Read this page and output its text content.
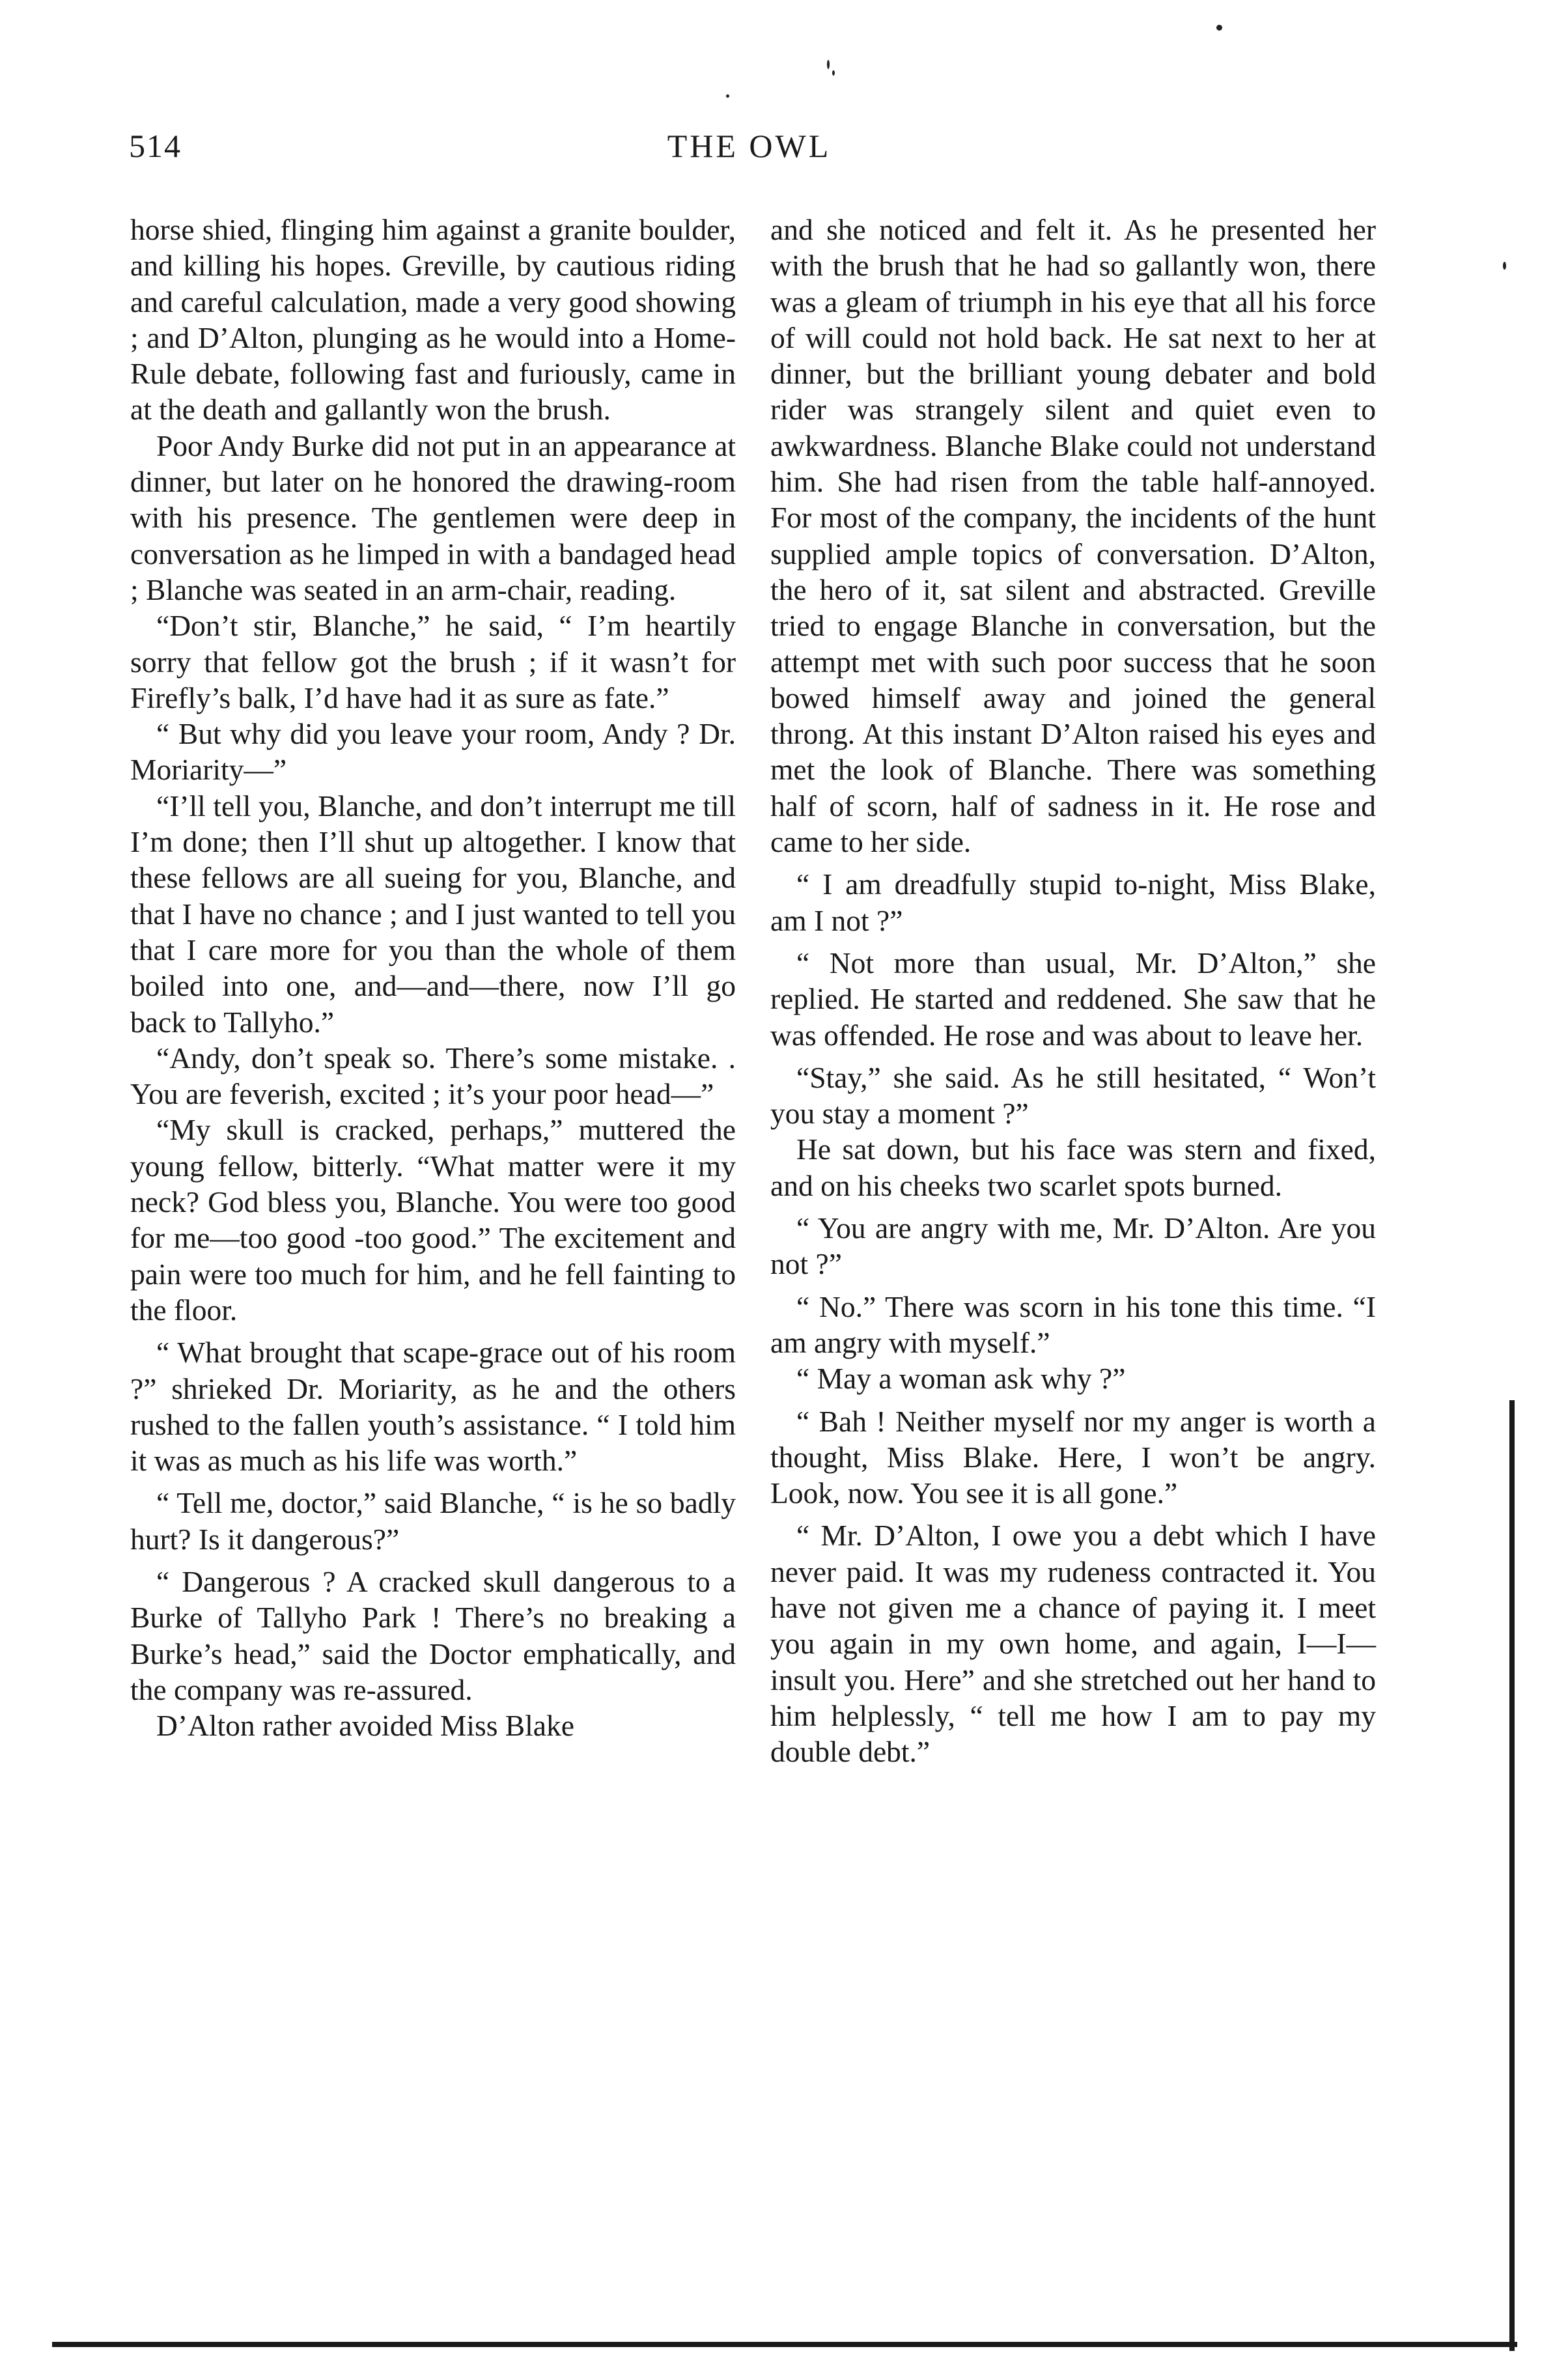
514	THE OWL

horse shied, flinging him against a granite boulder, and killing his hopes. Greville, by cautious riding and careful calculation, made a very good showing ; and D’Alton, plunging as he would into a Home-Rule debate, following fast and furiously, came in at the death and gallantly won the brush.

Poor Andy Burke did not put in an appearance at dinner, but later on he honored the drawing-room with his presence. The gentlemen were deep in conversation as he limped in with a bandaged head ; Blanche was seated in an arm-chair, reading.

“Don’t stir, Blanche,” he said, “ I’m heartily sorry that fellow got the brush ; if it wasn’t for Firefly’s balk, I’d have had it as sure as fate.”

“ But why did you leave your room, Andy ? Dr. Moriarity—”

“I’ll tell you, Blanche, and don’t interrupt me till I’m done; then I’ll shut up altogether. I know that these fellows are all sueing for you, Blanche, and that I have no chance ; and I just wanted to tell you that I care more for you than the whole of them boiled into one, and—and—there, now I’ll go back to Tallyho.”

“Andy, don’t speak so. There’s some mistake. . You are feverish, excited ; it’s your poor head—”

“My skull is cracked, perhaps,” muttered the young fellow, bitterly. “What matter were it my neck? God bless you, Blanche. You were too good for me—too good -too good.” The excitement and pain were too much for him, and he fell fainting to the floor.

“ What brought that scape-grace out of his room ?” shrieked Dr. Moriarity, as he and the others rushed to the fallen youth’s assistance. “ I told him it was as much as his life was worth.”

“ Tell me, doctor,” said Blanche, “ is he so badly hurt? Is it dangerous?”

“ Dangerous ? A cracked skull dangerous to a Burke of Tallyho Park ! There’s no breaking a Burke’s head,” said the Doctor emphatically, and the company was re-assured.

D’Alton rather avoided Miss Blake

and she noticed and felt it. As he presented her with the brush that he had so gallantly won, there was a gleam of triumph in his eye that all his force of will could not hold back. He sat next to her at dinner, but the brilliant young debater and bold rider was strangely silent and quiet even to awkwardness. Blanche Blake could not understand him. She had risen from the table half-annoyed. For most of the company, the incidents of the hunt supplied ample topics of conversation. D’Alton, the hero of it, sat silent and abstracted. Greville tried to engage Blanche in conversation, but the attempt met with such poor success that he soon bowed himself away and joined the general throng. At this instant D’Alton raised his eyes and met the look of Blanche. There was something half of scorn, half of sadness in it. He rose and came to her side.

“ I am dreadfully stupid to-night, Miss Blake, am I not ?”

“ Not more than usual, Mr. D’Alton,” she replied. He started and reddened. She saw that he was offended. He rose and was about to leave her.

“Stay,” she said. As he still hesitated, “ Won’t you stay a moment ?”

He sat down, but his face was stern and fixed, and on his cheeks two scarlet spots burned.

“ You are angry with me, Mr. D’Alton. Are you not ?”

“ No.” There was scorn in his tone this time. “I am angry with myself.”

“ May a woman ask why ?”

“ Bah ! Neither myself nor my anger is worth a thought, Miss Blake. Here, I won’t be angry. Look, now. You see it is all gone.”

“ Mr. D’Alton, I owe you a debt which I have never paid. It was my rudeness contracted it. You have not given me a chance of paying it. I meet you again in my own home, and again, I—I—insult you. Here” and she stretched out her hand to him helplessly, “ tell me how I am to pay my double debt.”
